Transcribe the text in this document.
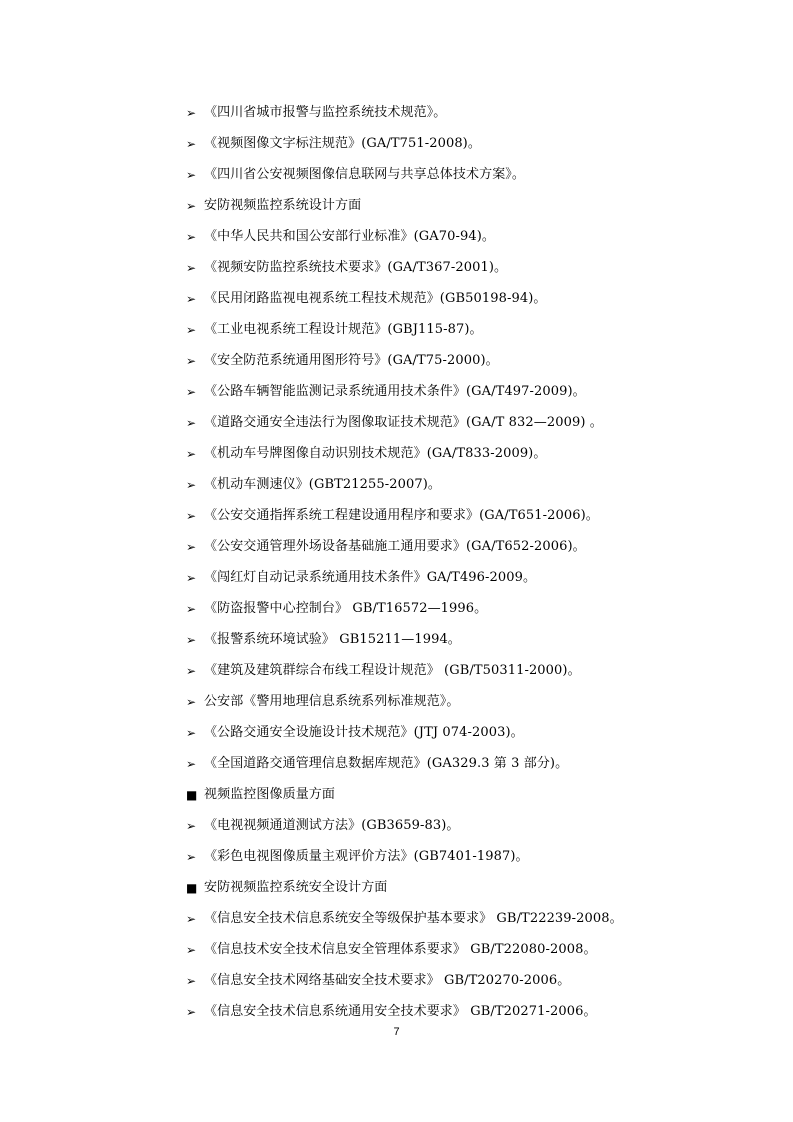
➢ 《四川省城市报警与监控系统技术规范》。
➢ 《视频图像文字标注规范》(GA/T751-2008)。
➢ 《四川省公安视频图像信息联网与共享总体技术方案》。
➢ 安防视频监控系统设计方面
➢ 《中华人民共和国公安部行业标准》(GA70-94)。
➢ 《视频安防监控系统技术要求》(GA/T367-2001)。
➢ 《民用闭路监视电视系统工程技术规范》(GB50198-94)。
➢ 《工业电视系统工程设计规范》(GBJ115-87)。
➢ 《安全防范系统通用图形符号》(GA/T75-2000)。
➢ 《公路车辆智能监测记录系统通用技术条件》(GA/T497-2009)。
➢ 《道路交通安全违法行为图像取证技术规范》(GA/T 832—2009) 。
➢ 《机动车号牌图像自动识别技术规范》(GA/T833-2009)。
➢ 《机动车测速仪》(GBT21255-2007)。
➢ 《公安交通指挥系统工程建设通用程序和要求》(GA/T651-2006)。
➢ 《公安交通管理外场设备基础施工通用要求》(GA/T652-2006)。
➢ 《闯红灯自动记录系统通用技术条件》GA/T496-2009。
➢ 《防盗报警中心控制台》 GB/T16572—1996。
➢ 《报警系统环境试验》 GB15211—1994。
➢ 《建筑及建筑群综合布线工程设计规范》 (GB/T50311-2000)。
➢ 公安部《警用地理信息系统系列标准规范》。
➢ 《公路交通安全设施设计技术规范》(JTJ 074-2003)。
➢ 《全国道路交通管理信息数据库规范》(GA329.3 第 3 部分)。
■ 视频监控图像质量方面
➢ 《电视视频通道测试方法》(GB3659-83)。
➢ 《彩色电视图像质量主观评价方法》(GB7401-1987)。
■ 安防视频监控系统安全设计方面
➢ 《信息安全技术信息系统安全等级保护基本要求》 GB/T22239-2008。
➢ 《信息技术安全技术信息安全管理体系要求》 GB/T22080-2008。
➢ 《信息安全技术网络基础安全技术要求》 GB/T20270-2006。
➢ 《信息安全技术信息系统通用安全技术要求》 GB/T20271-2006。
7
